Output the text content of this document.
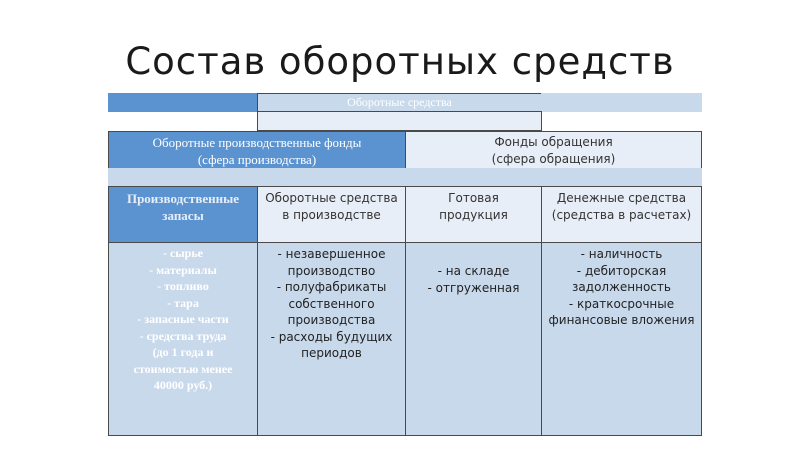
Состав оборотных средств
Оборотные средства
Оборотные производственные фонды
(сфера производства)
Фонды обращения
(сфера обращения)
Производственные
запасы
Оборотные средства
в производстве
Готовая
продукция
Денежные средства
(средства в расчетах)
- сырье
- материалы
- топливо
- тара
- запасные части
- средства труда
(до 1 года и
стоимостью менее
40000 руб.)
- незавершенное
производство
- полуфабрикаты
собственного
производства
- расходы будущих
периодов
- на складе
- отгруженная
- наличность
- дебиторская
задолженность
- краткосрочные
финансовые вложения
